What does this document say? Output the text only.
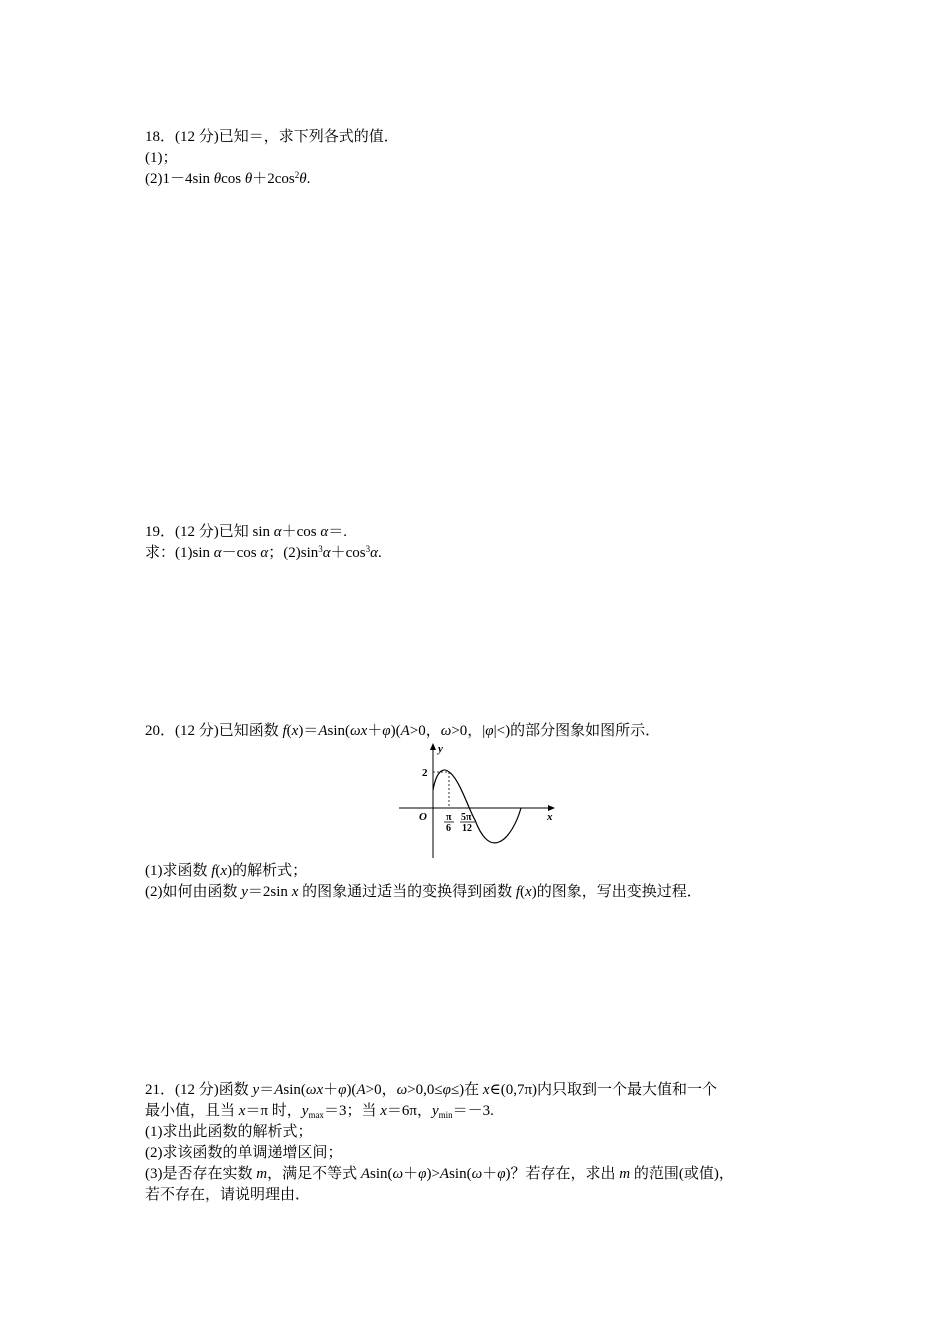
18．(12 分)已知＝，求下列各式的值．
(1)；
(2)1－4sin θcos $\theta+2\cos^2\theta$.
19．(12 分)已知 sin α＋cos α＝.
求：(1)sin α－cos α；$(2)\sin^3\alpha+\cos^3\alpha$.
20．(12 分)已知函数 f(x)＝Asin(ωx＋φ)(A>0，ω>0，|φ|<)的部分图象如图所示．
y
x
O
2
π
6
5π
12
(1)求函数 f(x)的解析式；
(2)如何由函数 y＝2sin x 的图象通过适当的变换得到函数 f(x)的图象，写出变换过程．
21．(12 分)函数 y＝Asin(ωx＋φ)(A>0，ω>0,0≤φ≤)在 x∈(0,7π)内只取到一个最大值和一个
最小值，且当 x＝π 时，$y_{max}=3$；当 x＝6π，$y_{min}=-3$.
(1)求出此函数的解析式；
(2)求该函数的单调递增区间；
(3)是否存在实数 m，满足不等式 Asin(ω＋φ)>Asin(ω＋φ)？若存在，求出 m 的范围(或值)，
若不存在，请说明理由．
